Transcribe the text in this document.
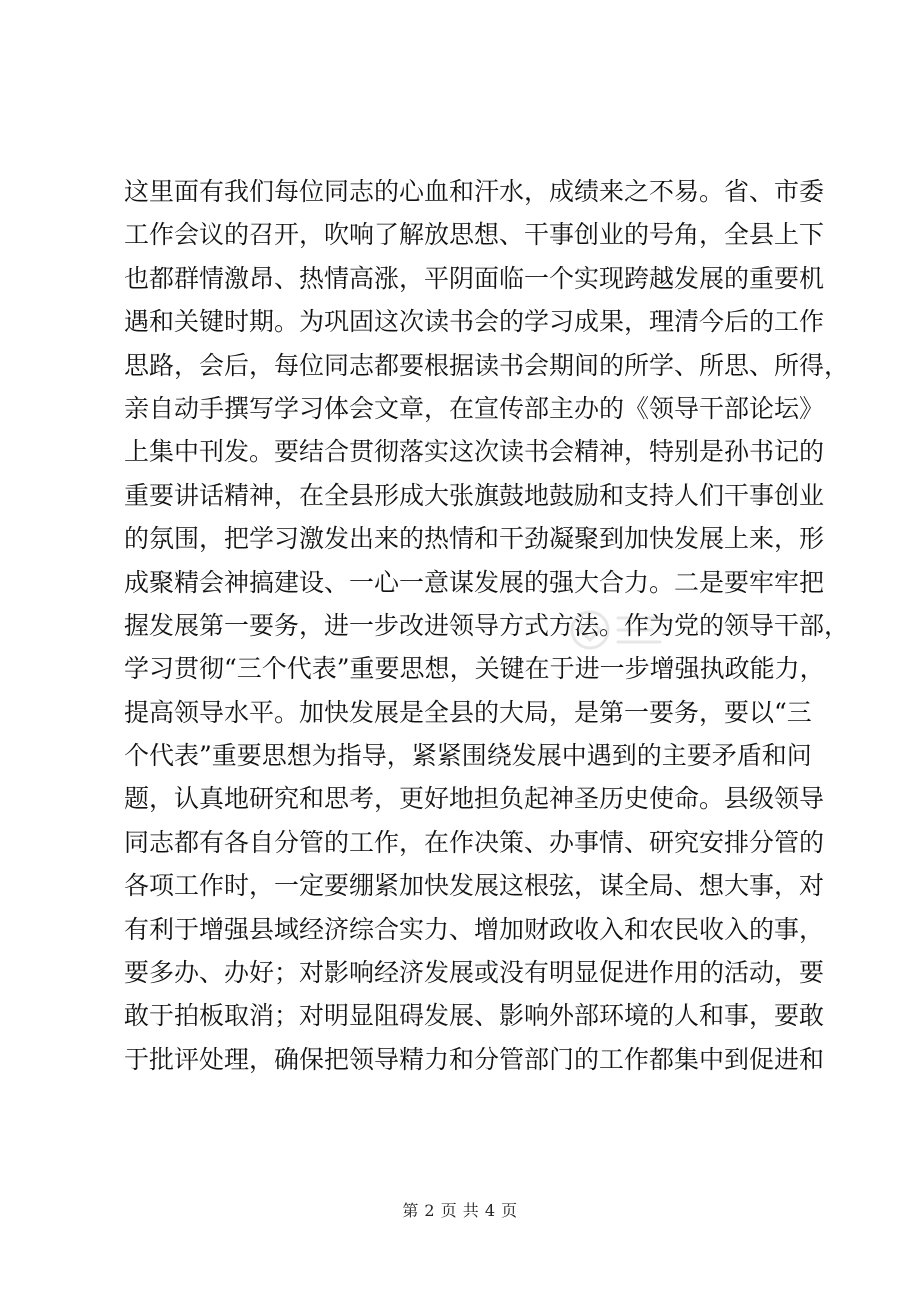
这里面有我们每位同志的心血和汗水，成绩来之不易。省、市委
工作会议的召开，吹响了解放思想、干事创业的号角，全县上下
也都群情激昂、热情高涨，平阴面临一个实现跨越发展的重要机
遇和关键时期。为巩固这次读书会的学习成果，理清今后的工作
思路，会后，每位同志都要根据读书会期间的所学、所思、所得，
亲自动手撰写学习体会文章，在宣传部主办的《领导干部论坛》
上集中刊发。要结合贯彻落实这次读书会精神，特别是孙书记的
重要讲话精神，在全县形成大张旗鼓地鼓励和支持人们干事创业
的氛围，把学习激发出来的热情和干劲凝聚到加快发展上来，形
成聚精会神搞建设、一心一意谋发展的强大合力。二是要牢牢把
握发展第一要务，进一步改进领导方式方法。作为党的领导干部，
学习贯彻“三个代表”重要思想，关键在于进一步增强执政能力，
提高领导水平。加快发展是全县的大局，是第一要务，要以“三
个代表”重要思想为指导，紧紧围绕发展中遇到的主要矛盾和问
题，认真地研究和思考，更好地担负起神圣历史使命。县级领导
同志都有各自分管的工作，在作决策、办事情、研究安排分管的
各项工作时，一定要绷紧加快发展这根弦，谋全局、想大事，对
有利于增强县域经济综合实力、增加财政收入和农民收入的事，
要多办、办好；对影响经济发展或没有明显促进作用的活动，要
敢于拍板取消；对明显阻碍发展、影响外部环境的人和事，要敢
于批评处理，确保把领导精力和分管部门的工作都集中到促进和
第 2 页 共 4 页
